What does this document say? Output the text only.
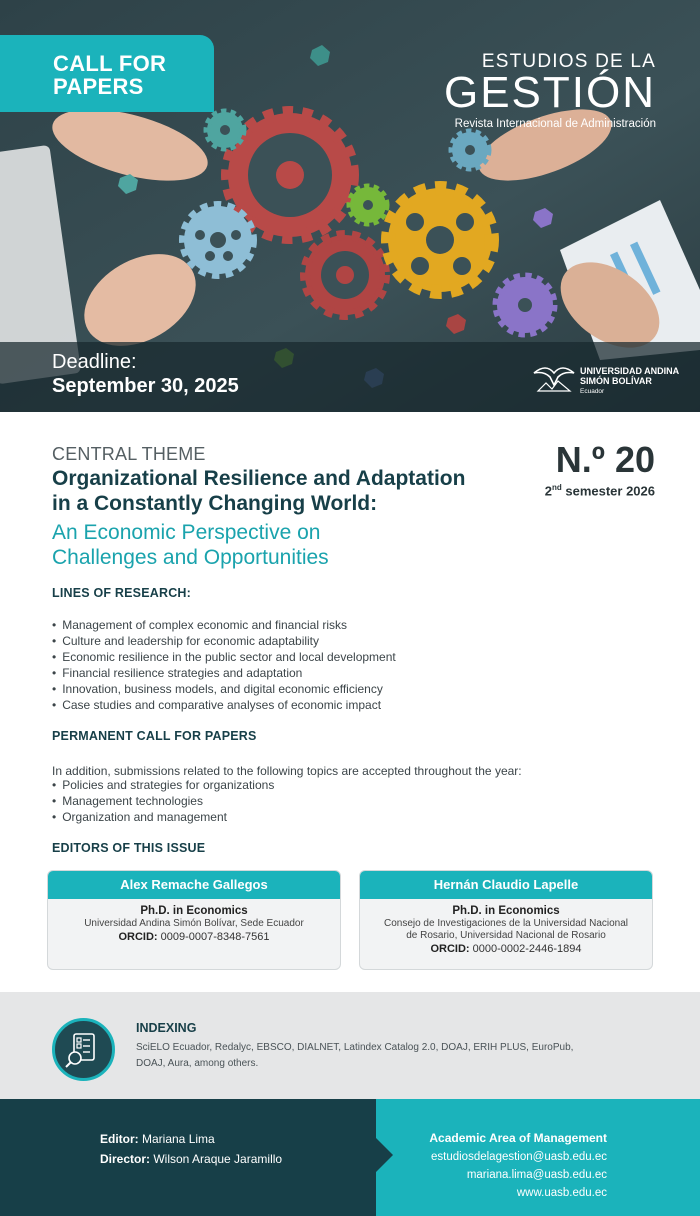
CALL FOR
PAPERS
ESTUDIOS DE LA
GESTIÓN
Revista Internacional de Administración
Deadline:
September 30, 2025
UNIVERSIDAD ANDINA
SIMÓN BOLÍVAR
Ecuador
CENTRAL THEME
Organizational Resilience and Adaptation
in a Constantly Changing World:
An Economic Perspective on
Challenges and Opportunities
N.º 20
2nd semester 2026
LINES OF RESEARCH:
• Management of complex economic and financial risks
• Culture and leadership for economic adaptability
• Economic resilience in the public sector and local development
• Financial resilience strategies and adaptation
• Innovation, business models, and digital economic efficiency
• Case studies and comparative analyses of economic impact
PERMANENT CALL FOR PAPERS
In addition, submissions related to the following topics are accepted throughout the year:
• Policies and strategies for organizations
• Management technologies
• Organization and management
EDITORS OF THIS ISSUE
Alex Remache Gallegos
Ph.D. in Economics
Universidad Andina Simón Bolívar, Sede Ecuador
ORCID: 0009-0007-8348-7561
Hernán Claudio Lapelle
Ph.D. in Economics
Consejo de Investigaciones de la Universidad Nacional
de Rosario, Universidad Nacional de Rosario
ORCID: 0000-0002-2446-1894
INDEXING
SciELO Ecuador, Redalyc, EBSCO, DIALNET, Latindex Catalog 2.0, DOAJ, ERIH PLUS, EuroPub,
DOAJ, Aura, among others.
Editor: Mariana Lima
Director: Wilson Araque Jaramillo
Academic Area of Management
estudiosdelagestion@uasb.edu.ec
mariana.lima@uasb.edu.ec
www.uasb.edu.ec
